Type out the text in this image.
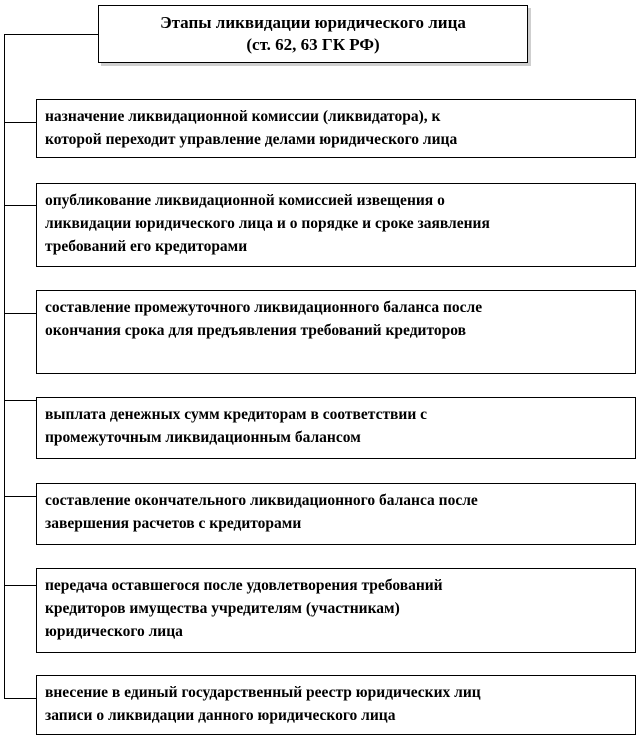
Этапы ликвидации юридического лица
(ст. 62, 63 ГК РФ)
назначение ликвидационной комиссии (ликвидатора), к
которой переходит управление делами юридического лица
опубликование ликвидационной комиссией извещения о
ликвидации юридического лица и о порядке и сроке заявления
требований его кредиторами
составление промежуточного ликвидационного баланса после
окончания срока для предъявления требований кредиторов
выплата денежных сумм кредиторам в соответствии с
промежуточным ликвидационным балансом
составление окончательного ликвидационного баланса после
завершения расчетов с кредиторами
передача оставшегося после удовлетворения требований
кредиторов имущества учредителям (участникам)
юридического лица
внесение в единый государственный реестр юридических лиц
записи о ликвидации данного юридического лица
